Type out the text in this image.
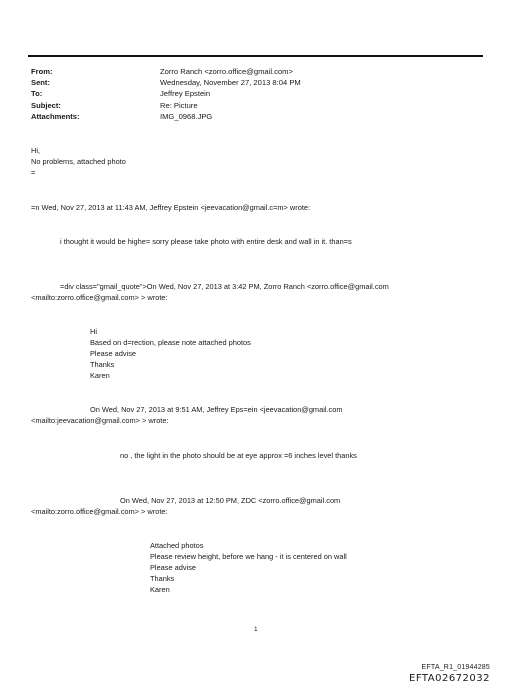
From:	Zorro Ranch <zorro.office@gmail.com>
Sent:	Wednesday, November 27, 2013 8:04 PM
To:	Jeffrey Epstein
Subject:	Re: Picture
Attachments:	IMG_0968.JPG
Hi,
No problems, attached photo
=
=n Wed, Nov 27, 2013 at 11:43 AM, Jeffrey Epstein <jeevacation@gmail.c=m> wrote:
i thought it would be highe= sorry please take photo with entire desk and wall in it. than=s
=div class="gmail_quote">On Wed, Nov 27, 2013 at 3:42 PM, Zorro Ranch <zorro.office@gmail.com
<mailto:zorro.office@gmail.com> > wrote:
Hi
Based on d=rection, please note attached photos
Please advise
Thanks
Karen
On Wed, Nov 27, 2013 at 9:51 AM, Jeffrey Eps=ein <jeevacation@gmail.com
<mailto:jeevacation@gmail.com> > wrote:
no , the light in the photo should be at eye approx =6 inches level thanks
On Wed, Nov 27, 2013 at 12:50 PM, ZDC <zorro.office@gmail.com
<mailto:zorro.office@gmail.com> > wrote:
Attached photos
Please review height, before we hang - it is centered on wall
Please advise
Thanks
Karen
1
EFTA_R1_01944285
EFTA02672032
